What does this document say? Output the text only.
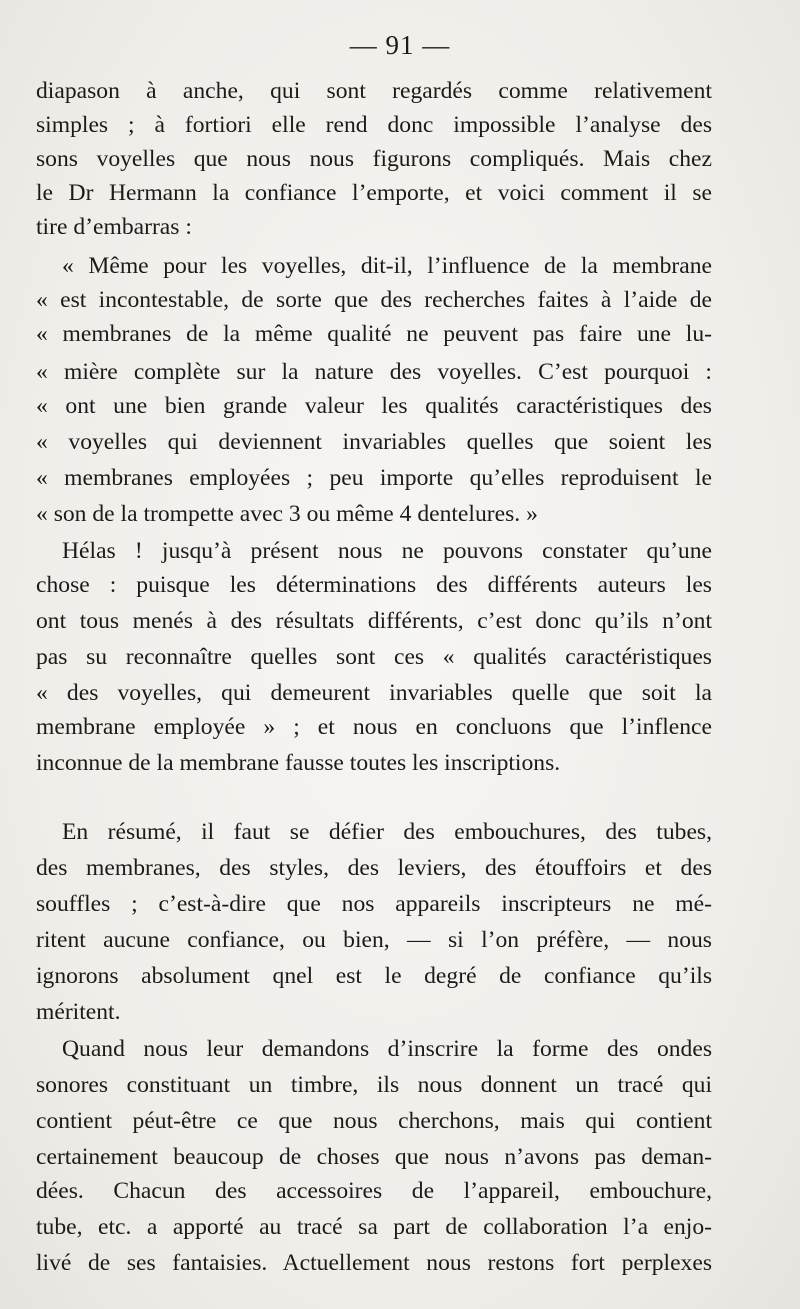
— 91 —
diapason à anche, qui sont regardés comme relativement
simples ; à fortiori elle rend donc impossible l’analyse des
sons voyelles que nous nous figurons compliqués. Mais chez
le Dr Hermann la confiance l’emporte, et voici comment il se
tire d’embarras :
« Même pour les voyelles, dit-il, l’influence de la membrane
« est incontestable, de sorte que des recherches faites à l’aide de
« membranes de la même qualité ne peuvent pas faire une lu-
« mière complète sur la nature des voyelles. C’est pourquoi :
« ont une bien grande valeur les qualités caractéristiques des
« voyelles qui deviennent invariables quelles que soient les
« membranes employées ; peu importe qu’elles reproduisent le
« son de la trompette avec 3 ou même 4 dentelures. »
Hélas ! jusqu’à présent nous ne pouvons constater qu’une
chose : puisque les déterminations des différents auteurs les
ont tous menés à des résultats différents, c’est donc qu’ils n’ont
pas su reconnaître quelles sont ces « qualités caractéristiques
« des voyelles, qui demeurent invariables quelle que soit la
membrane employée » ; et nous en concluons que l’inflence
inconnue de la membrane fausse toutes les inscriptions.
En résumé, il faut se défier des embouchures, des tubes,
des membranes, des styles, des leviers, des étouffoirs et des
souffles ; c’est-à-dire que nos appareils inscripteurs ne mé-
ritent aucune confiance, ou bien, — si l’on préfère, — nous
ignorons absolument qnel est le degré de confiance qu’ils
méritent.
Quand nous leur demandons d’inscrire la forme des ondes
sonores constituant un timbre, ils nous donnent un tracé qui
contient péut-être ce que nous cherchons, mais qui contient
certainement beaucoup de choses que nous n’avons pas deman-
dées. Chacun des accessoires de l’appareil, embouchure,
tube, etc. a apporté au tracé sa part de collaboration l’a enjo-
livé de ses fantaisies. Actuellement nous restons fort perplexes
